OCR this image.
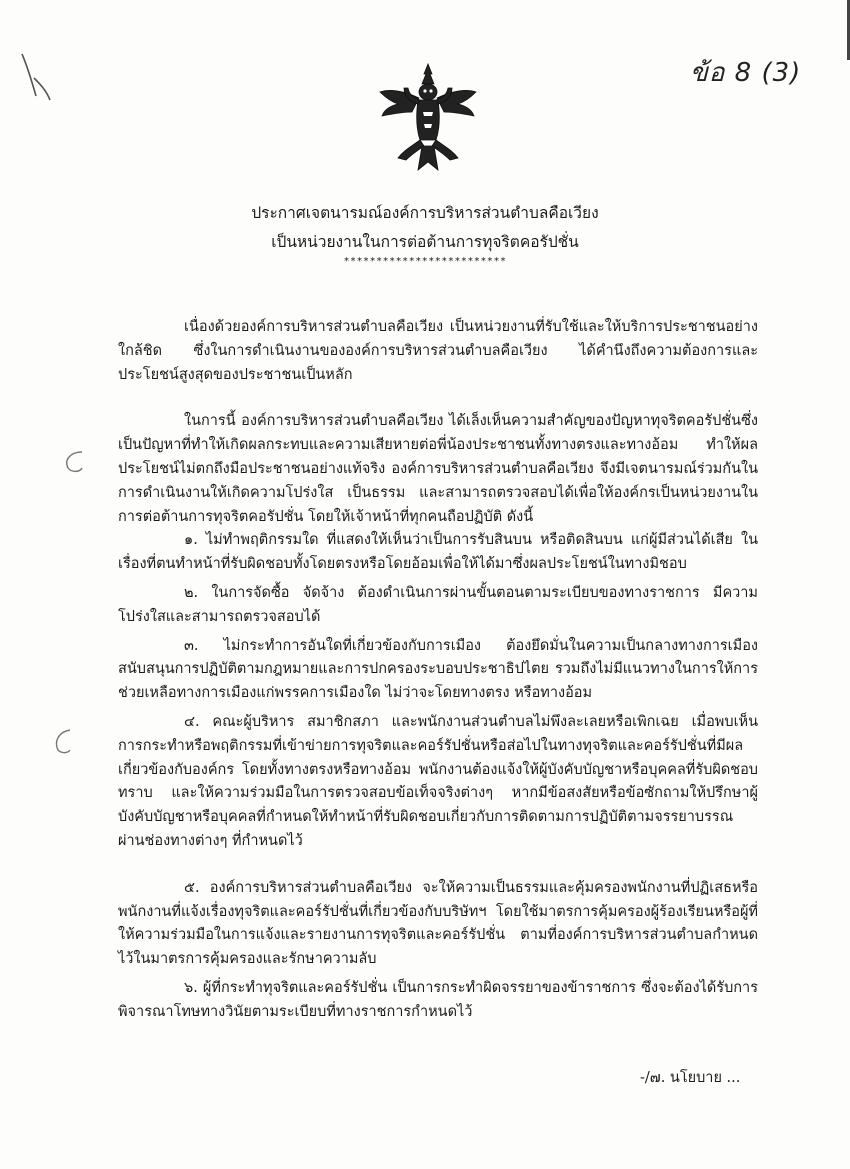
ข้อ 8 (3)
ประกาศเจตนารมณ์องค์การบริหารส่วนตำบลคือเวียง
เป็นหน่วยงานในการต่อต้านการทุจริตคอรัปชั่น
*************************

เนื่องด้วยองค์การบริหารส่วนตำบลคือเวียง เป็นหน่วยงานที่รับใช้และให้บริการประชาชนอย่างใกล้ชิด ซึ่งในการดำเนินงานขององค์การบริหารส่วนตำบลคือเวียง ได้คำนึงถึงความต้องการและประโยชน์สูงสุดของประชาชนเป็นหลัก

ในการนี้ องค์การบริหารส่วนตำบลคือเวียง ได้เล็งเห็นความสำคัญของปัญหาทุจริตคอรัปชั่นซึ่งเป็นปัญหาที่ทำให้เกิดผลกระทบและความเสียหายต่อพี่น้องประชาชนทั้งทางตรงและทางอ้อม ทำให้ผลประโยชน์ไม่ตกถึงมือประชาชนอย่างแท้จริง องค์การบริหารส่วนตำบลคือเวียง จึงมีเจตนารมณ์ร่วมกันในการดำเนินงานให้เกิดความโปร่งใส เป็นธรรม และสามารถตรวจสอบได้เพื่อให้องค์กรเป็นหน่วยงานในการต่อต้านการทุจริตคอรัปชั่น โดยให้เจ้าหน้าที่ทุกคนถือปฏิบัติ ดังนี้

๑. ไม่ทำพฤติกรรมใด ที่แสดงให้เห็นว่าเป็นการรับสินบน หรือติดสินบน แก่ผู้มีส่วนได้เสีย ในเรื่องที่ตนทำหน้าที่รับผิดชอบทั้งโดยตรงหรือโดยอ้อมเพื่อให้ได้มาซึ่งผลประโยชน์ในทางมิชอบ

๒. ในการจัดซื้อ จัดจ้าง ต้องดำเนินการผ่านขั้นตอนตามระเบียบของทางราชการ มีความโปร่งใสและสามารถตรวจสอบได้

๓. ไม่กระทำการอันใดที่เกี่ยวข้องกับการเมือง ต้องยึดมั่นในความเป็นกลางทางการเมืองสนับสนุนการปฏิบัติตามกฎหมายและการปกครองระบอบประชาธิปไตย รวมถึงไม่มีแนวทางในการให้การช่วยเหลือทางการเมืองแก่พรรคการเมืองใด ไม่ว่าจะโดยทางตรง หรือทางอ้อม

๔. คณะผู้บริหาร สมาชิกสภา และพนักงานส่วนตำบลไม่พึงละเลยหรือเพิกเฉย เมื่อพบเห็นการกระทำหรือพฤติกรรมที่เข้าข่ายการทุจริตและคอร์รัปชั่นหรือส่อไปในทางทุจริตและคอร์รัปชั่นที่มีผลเกี่ยวข้องกับองค์กร โดยทั้งทางตรงหรือทางอ้อม พนักงานต้องแจ้งให้ผู้บังคับบัญชาหรือบุคคลที่รับผิดชอบทราบ และให้ความร่วมมือในการตรวจสอบข้อเท็จจริงต่างๆ หากมีข้อสงสัยหรือข้อซักถามให้ปรึกษาผู้บังคับบัญชาหรือบุคคลที่กำหนดให้ทำหน้าที่รับผิดชอบเกี่ยวกับการติดตามการปฏิบัติตามจรรยาบรรณ ผ่านช่องทางต่างๆ ที่กำหนดไว้

๕. องค์การบริหารส่วนตำบลคือเวียง จะให้ความเป็นธรรมและคุ้มครองพนักงานที่ปฏิเสธหรือพนักงานที่แจ้งเรื่องทุจริตและคอร์รัปชั่นที่เกี่ยวข้องกับบริษัทฯ โดยใช้มาตรการคุ้มครองผู้ร้องเรียนหรือผู้ที่ให้ความร่วมมือในการแจ้งและรายงานการทุจริตและคอร์รัปชั่น ตามที่องค์การบริหารส่วนตำบลกำหนดไว้ในมาตรการคุ้มครองและรักษาความลับ

๖. ผู้ที่กระทำทุจริตและคอร์รัปชั่น เป็นการกระทำผิดจรรยาของข้าราชการ ซึ่งจะต้องได้รับการพิจารณาโทษทางวินัยตามระเบียบที่ทางราชการกำหนดไว้

-/๗. นโยบาย ...
